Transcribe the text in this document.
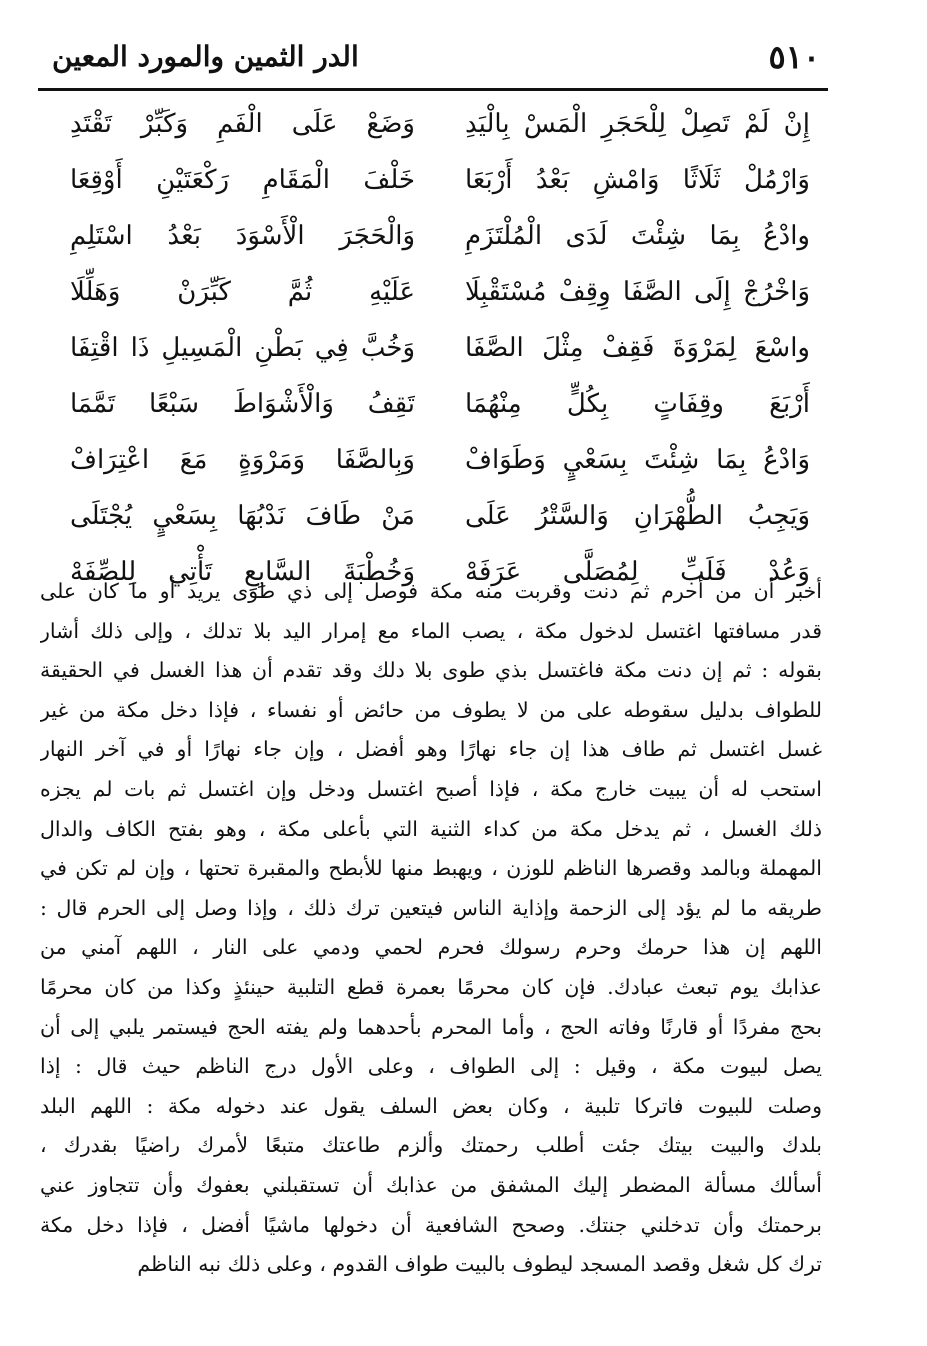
الدر الثمين والمورد المعين	٥١٠
إِنْ لَمْ تَصِلْ لِلْحَجَرِ الْمَسْ بِالْيَدِ
وَضَعْ عَلَى الْفَمِ وَكَبِّرْ تَقْتَدِ
وَارْمُلْ ثَلَاثًا وَامْشِ بَعْدُ أَرْبَعَا
خَلْفَ الْمَقَامِ رَكْعَتَيْنِ أَوْقِعَا
وادْعُ بِمَا شِئْتَ لَدَى الْمُلْتَزَمِ
وَالْحَجَرَ الْأَسْوَدَ بَعْدُ اسْتَلِمِ
وَاخْرُجْ إِلَى الصَّفَا وِقِفْ مُسْتَقْبِلَا
عَلَيْهِ ثُمَّ كَبِّرَنْ وَهَلِّلَا
واسْعَ لِمَرْوَةَ فَقِفْ مِثْلَ الصَّفَا
وَخُبَّ فِي بَطْنِ الْمَسِيلِ ذَا اقْتِفَا
أَرْبَعَ وقِفَاتٍ بِكُلٍّ مِنْهُمَا
تَقِفُ وَالْأَشْوَاطَ سَبْعًا تَمَّمَا
وَادْعُ بِمَا شِئْتَ بِسَعْيٍ وَطَوَافْ
وَبِالصَّفَا وَمَرْوَةٍ مَعَ اعْتِرَافْ
وَيَجِبُ الطُّهْرَانِ وَالسَّتْرُ عَلَى
مَنْ طَافَ نَدْبُهَا بِسَعْيٍ يُجْتَلَى
وَعُدْ فَلَبِّ لِمُصَلَّى عَرَفَهْ
وَخُطْبَةَ السَّابِعِ تَأْتِي لِلصِّفَهْ
أخبر أن من أحرم ثم دنت وقربت منه مكة فوصل إلى ذي طوى يريد أو ما كان على
قدر مسافتها اغتسل لدخول مكة ، يصب الماء مع إمرار اليد بلا تدلك ، وإلى ذلك أشار
بقوله : ثم إن دنت مكة فاغتسل بذي طوى بلا دلك وقد تقدم أن هذا الغسل في الحقيقة
للطواف بدليل سقوطه على من لا يطوف من حائض أو نفساء ، فإذا دخل مكة من غير
غسل اغتسل ثم طاف هذا إن جاء نهارًا وهو أفضل ، وإن جاء نهارًا أو في آخر النهار
استحب له أن يبيت خارج مكة ، فإذا أصبح اغتسل ودخل وإن اغتسل ثم بات لم يجزه
ذلك الغسل ، ثم يدخل مكة من كداء الثنية التي بأعلى مكة ، وهو بفتح الكاف والدال
المهملة وبالمد وقصرها الناظم للوزن ، ويهبط منها للأبطح والمقبرة تحتها ، وإن لم تكن في
طريقه ما لم يؤد إلى الزحمة وإذاية الناس فيتعين ترك ذلك ، وإذا وصل إلى الحرم قال :
اللهم إن هذا حرمك وحرم رسولك فحرم لحمي ودمي على النار ، اللهم آمني من
عذابك يوم تبعث عبادك. فإن كان محرمًا بعمرة قطع التلبية حينئذٍ وكذا من كان محرمًا
بحج مفردًا أو قارنًا وفاته الحج ، وأما المحرم بأحدهما ولم يفته الحج فيستمر يلبي إلى أن
يصل لبيوت مكة ، وقيل : إلى الطواف ، وعلى الأول درج الناظم حيث قال : إذا
وصلت للبيوت فاتركا تلبية ، وكان بعض السلف يقول عند دخوله مكة : اللهم البلد
بلدك والبيت بيتك جئت أطلب رحمتك وألزم طاعتك متبعًا لأمرك راضيًا بقدرك ،
أسألك مسألة المضطر إليك المشفق من عذابك أن تستقبلني بعفوك وأن تتجاوز عني
برحمتك وأن تدخلني جنتك. وصحح الشافعية أن دخولها ماشيًا أفضل ، فإذا دخل مكة
ترك كل شغل وقصد المسجد ليطوف بالبيت طواف القدوم ، وعلى ذلك نبه الناظم
